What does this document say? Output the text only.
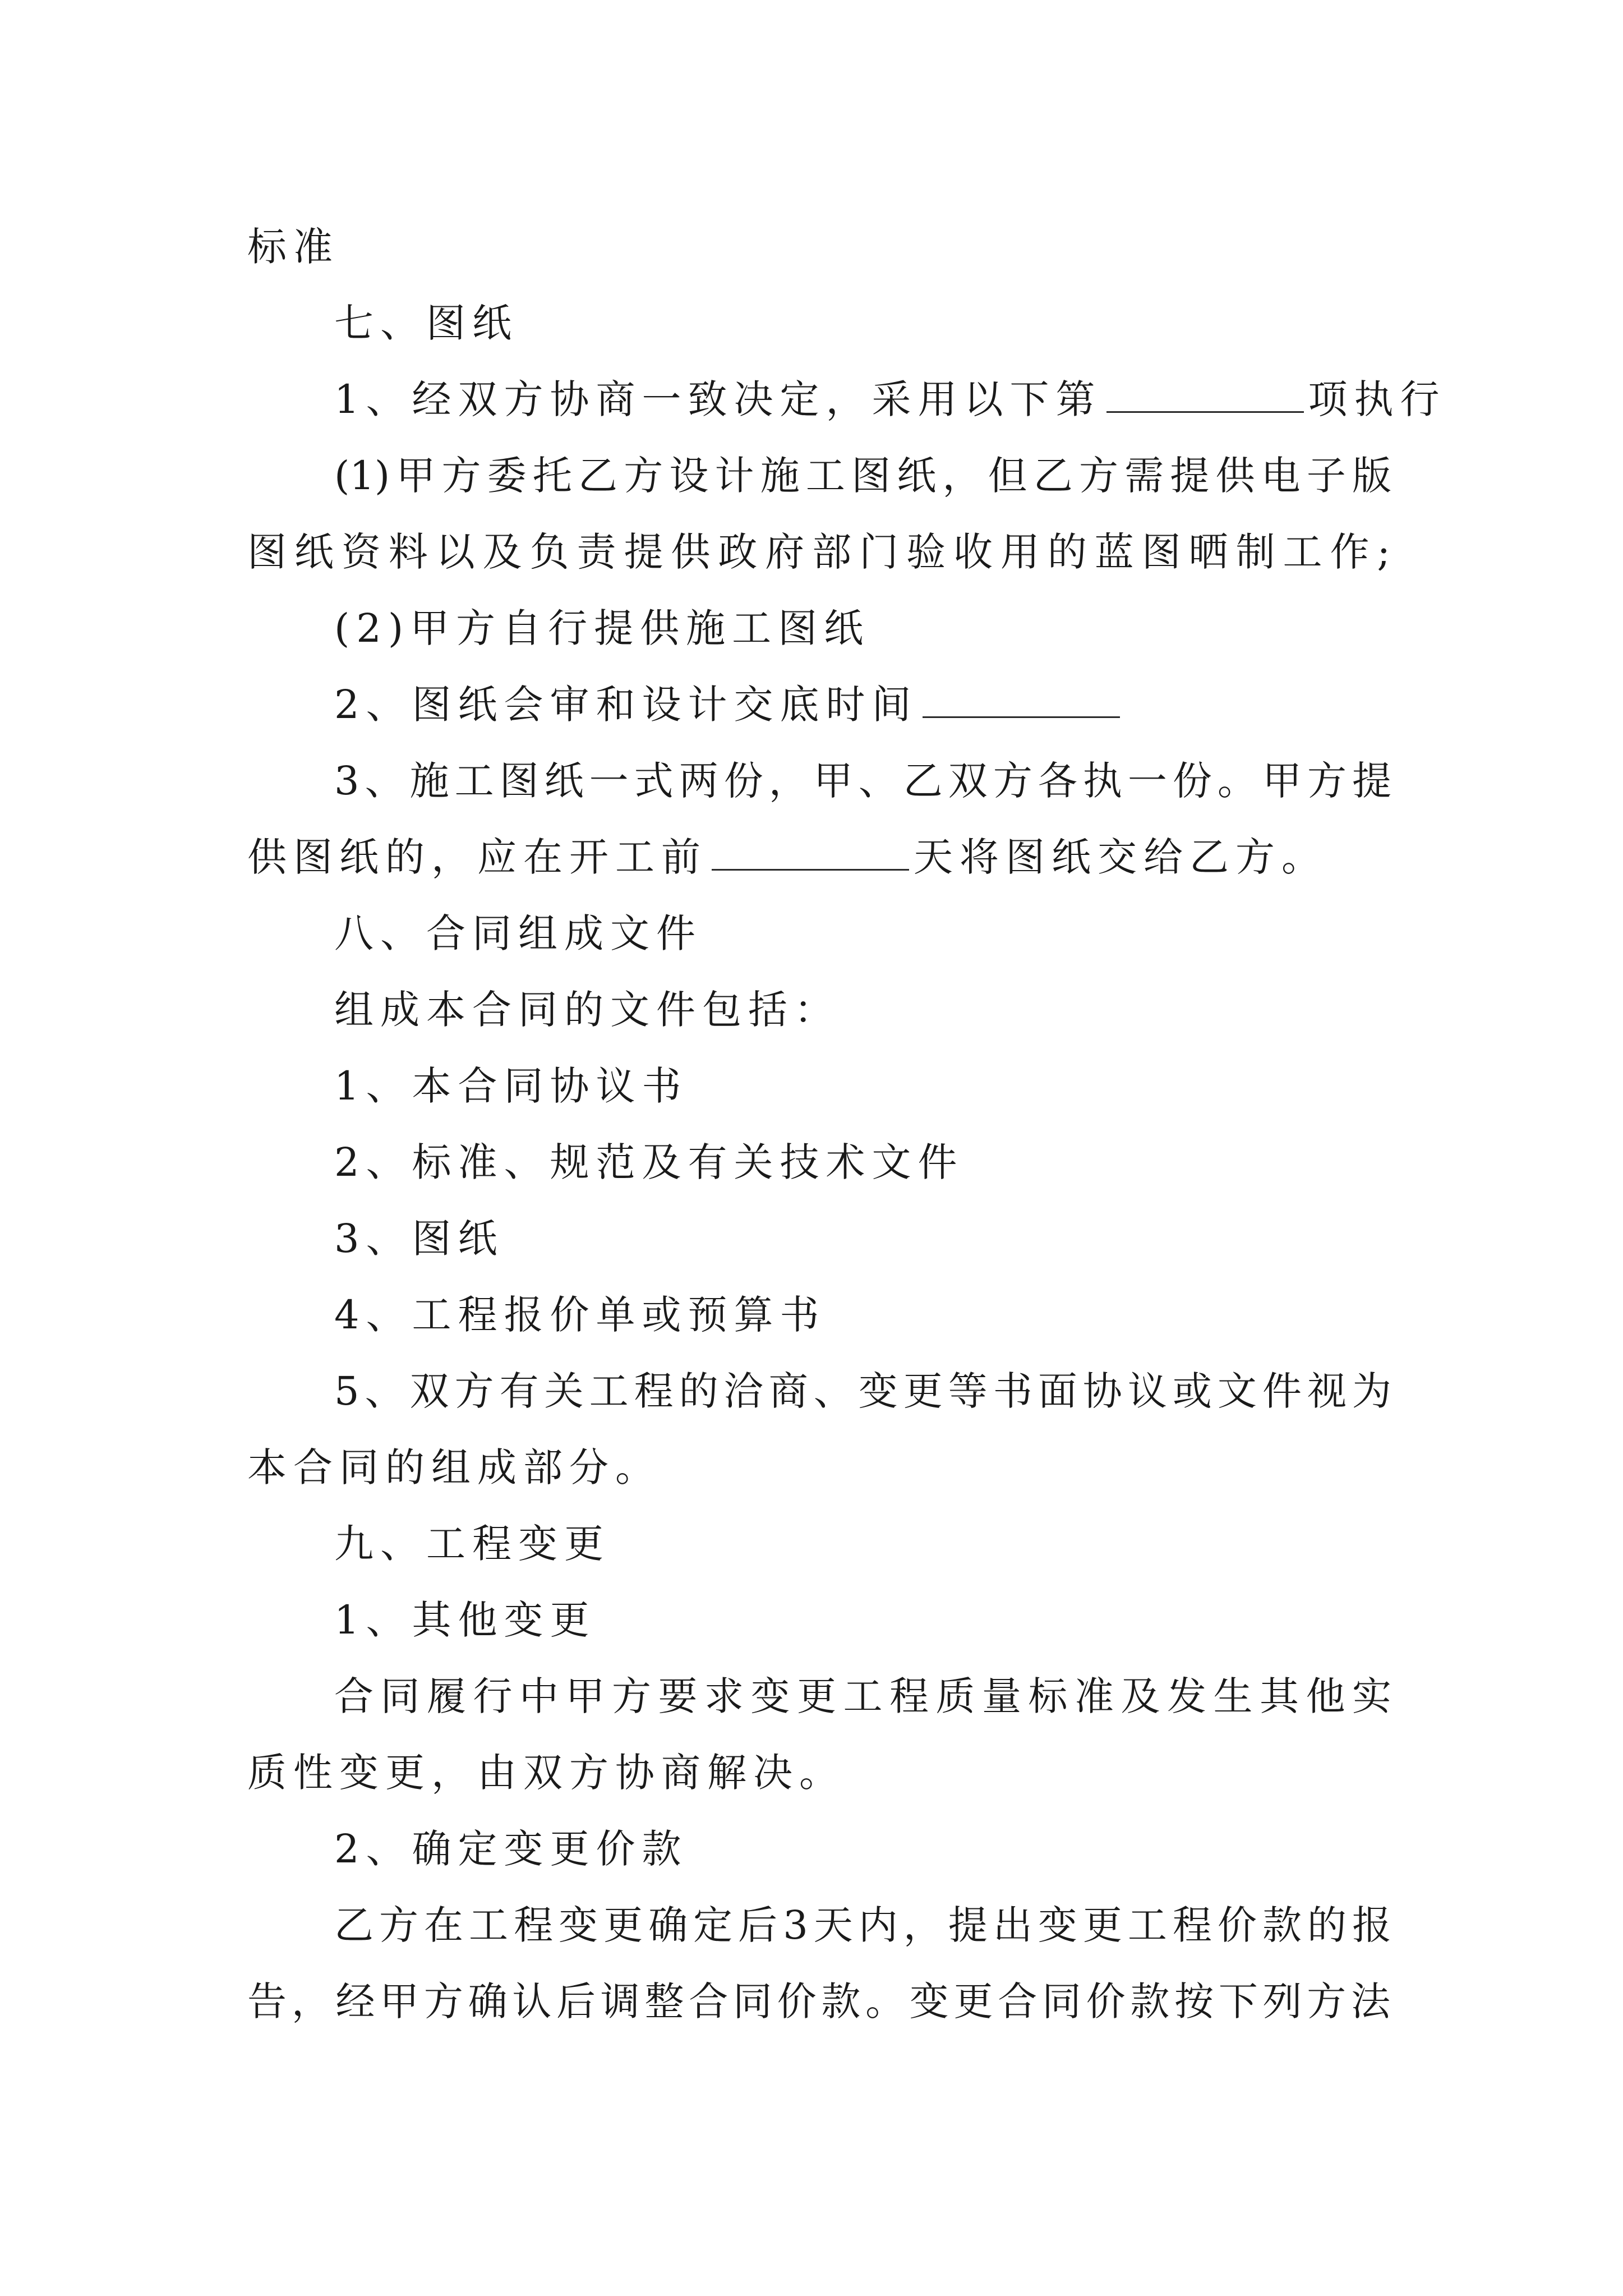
标准
七、图纸
1、经双方协商一致决定，采用以下第	项执行
(1)甲方委托乙方设计施工图纸，但乙方需提供电子版
图纸资料以及负责提供政府部门验收用的蓝图晒制工作;
(2)甲方自行提供施工图纸
2、图纸会审和设计交底时间
3、施工图纸一式两份，甲、乙双方各执一份。甲方提
供图纸的，应在开工前	天将图纸交给乙方。
八、合同组成文件
组成本合同的文件包括：
1、本合同协议书
2、标准、规范及有关技术文件
3、图纸
4、工程报价单或预算书
5、双方有关工程的洽商、变更等书面协议或文件视为
本合同的组成部分。
九、工程变更
1、其他变更
合同履行中甲方要求变更工程质量标准及发生其他实
质性变更，由双方协商解决。
2、确定变更价款
乙方在工程变更确定后3天内，提出变更工程价款的报
告，经甲方确认后调整合同价款。变更合同价款按下列方法
